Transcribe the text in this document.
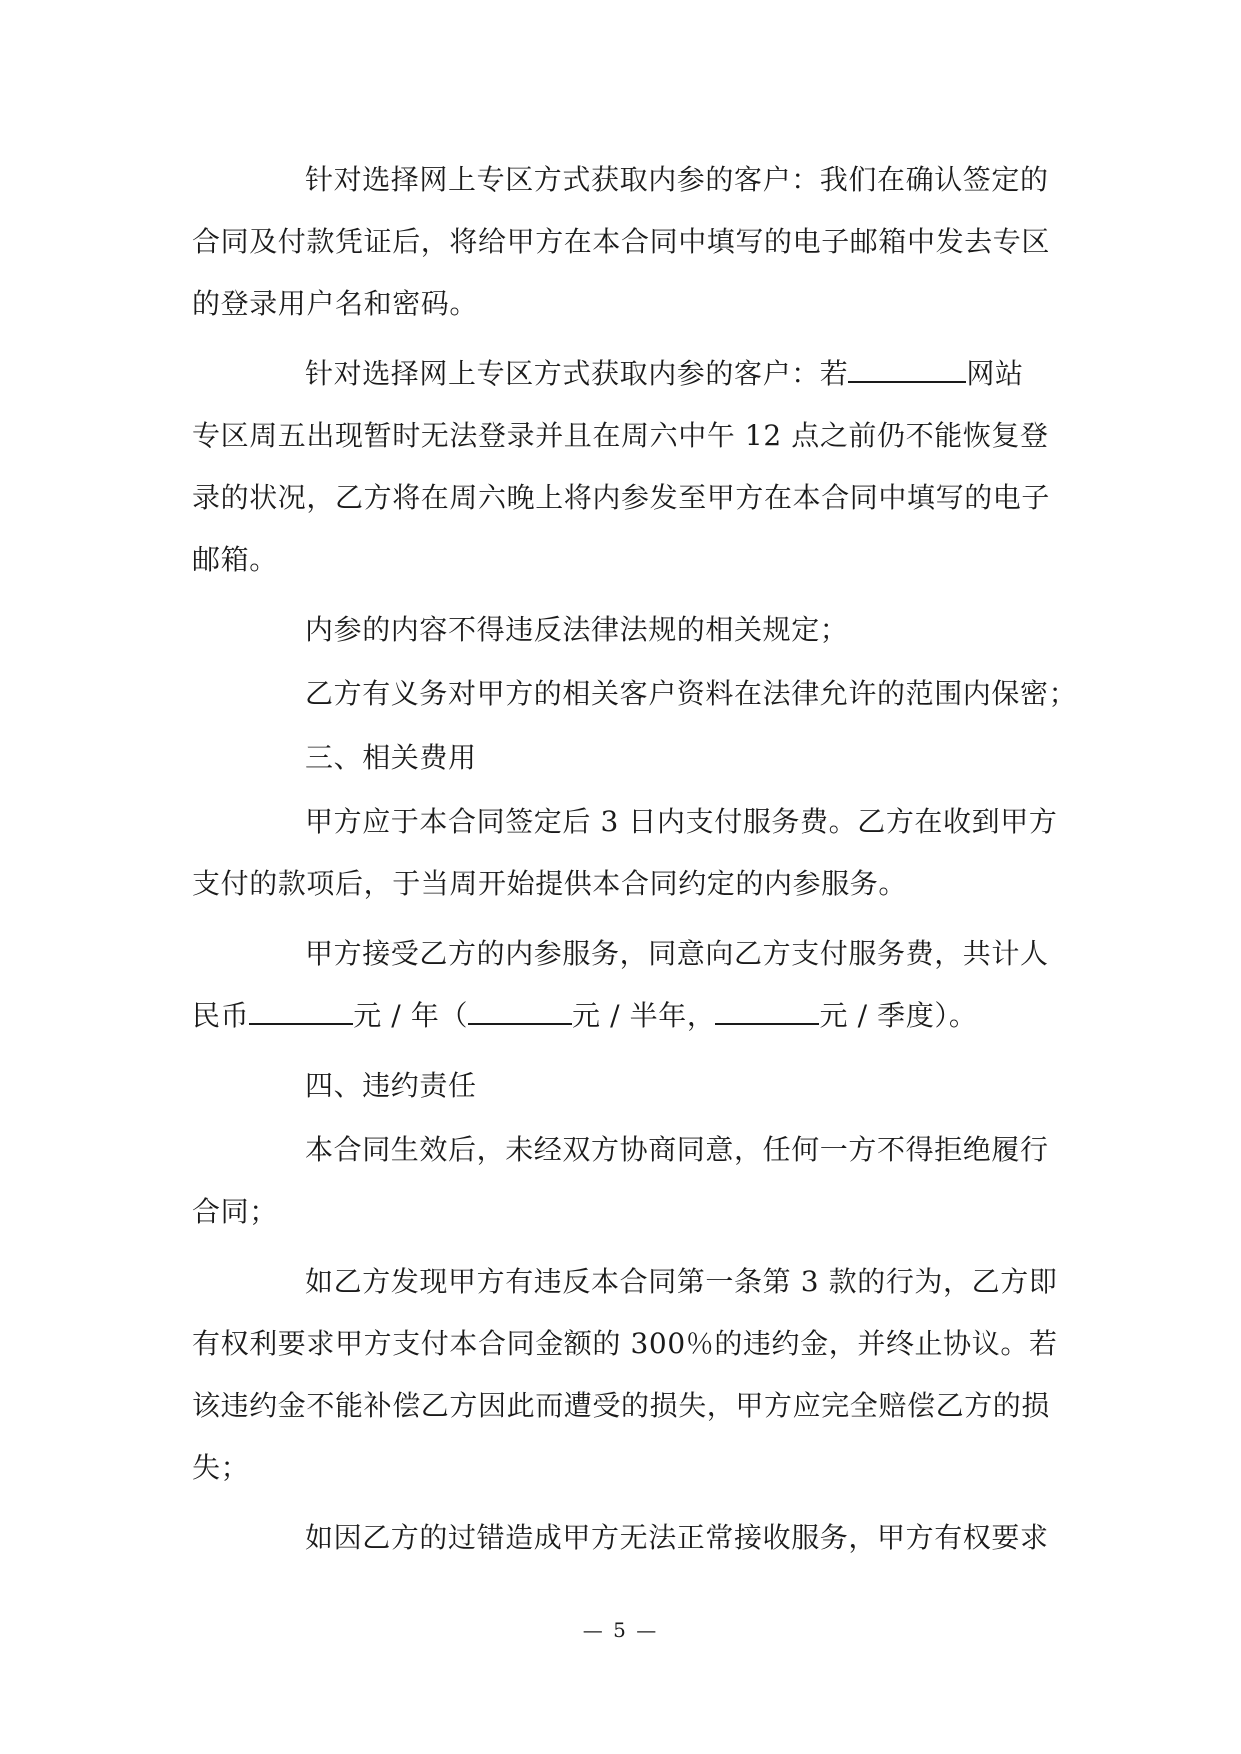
针对选择网上专区方式获取内参的客户：我们在确认签定的
合同及付款凭证后，将给甲方在本合同中填写的电子邮箱中发去专区
的登录用户名和密码。
针对选择网上专区方式获取内参的客户：若	网站
专区周五出现暂时无法登录并且在周六中午 12 点之前仍不能恢复登
录的状况，乙方将在周六晚上将内参发至甲方在本合同中填写的电子
邮箱。
内参的内容不得违反法律法规的相关规定；
乙方有义务对甲方的相关客户资料在法律允许的范围内保密；
三、相关费用
甲方应于本合同签定后 3 日内支付服务费。乙方在收到甲方
支付的款项后，于当周开始提供本合同约定的内参服务。
甲方接受乙方的内参服务，同意向乙方支付服务费，共计人
民币	元 / 年（	元 / 半年，	元 / 季度）。
四、违约责任
本合同生效后，未经双方协商同意，任何一方不得拒绝履行
合同；
如乙方发现甲方有违反本合同第一条第 3 款的行为，乙方即
有权利要求甲方支付本合同金额的 300％的违约金，并终止协议。若
该违约金不能补偿乙方因此而遭受的损失，甲方应完全赔偿乙方的损
失；
如因乙方的过错造成甲方无法正常接收服务，甲方有权要求
— 5 —
